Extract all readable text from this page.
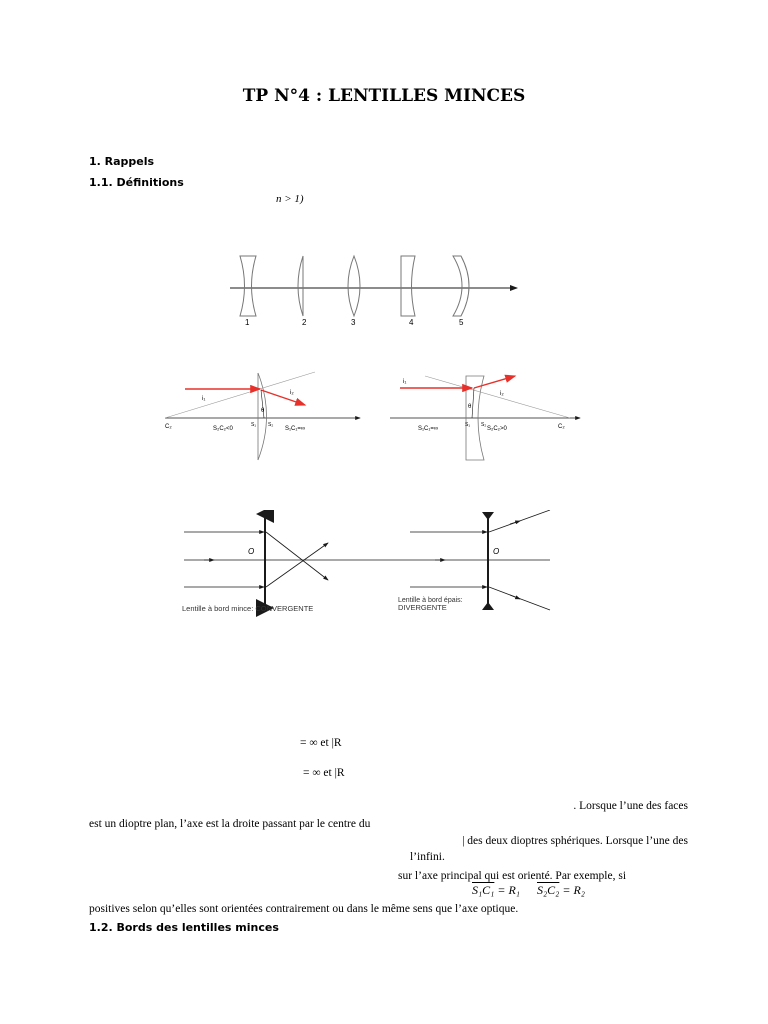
TP N°4 : LENTILLES MINCES
1. Rappels
1.1. Définitions
n > 1)
1	2	3	4	5
C₂
i₁
i₂
θ
S₁ S₂
S₂C₂<0	S₁C₁=∞
i₁
i₂
θ
S₁ S₂
S₁C₁=∞	S₂C₂>0	C₂
O
Lentille à bord mince: CONVERGENTE
O
Lentille à bord épais:
DIVERGENTE
= ∞ et |R
= ∞ et |R
. Lorsque l’une des faces
est un dioptre plan, l’axe est la droite passant par le centre du
| des deux dioptres sphériques. Lorsque l’une des
l’infini.
sur l’axe principal qui est orienté. Par exemple, si
S₁C₁ = R₁ S₂C₂ = R₂
positives selon qu’elles sont orientées contrairement ou dans le même sens que l’axe optique.
1.2. Bords des lentilles minces
